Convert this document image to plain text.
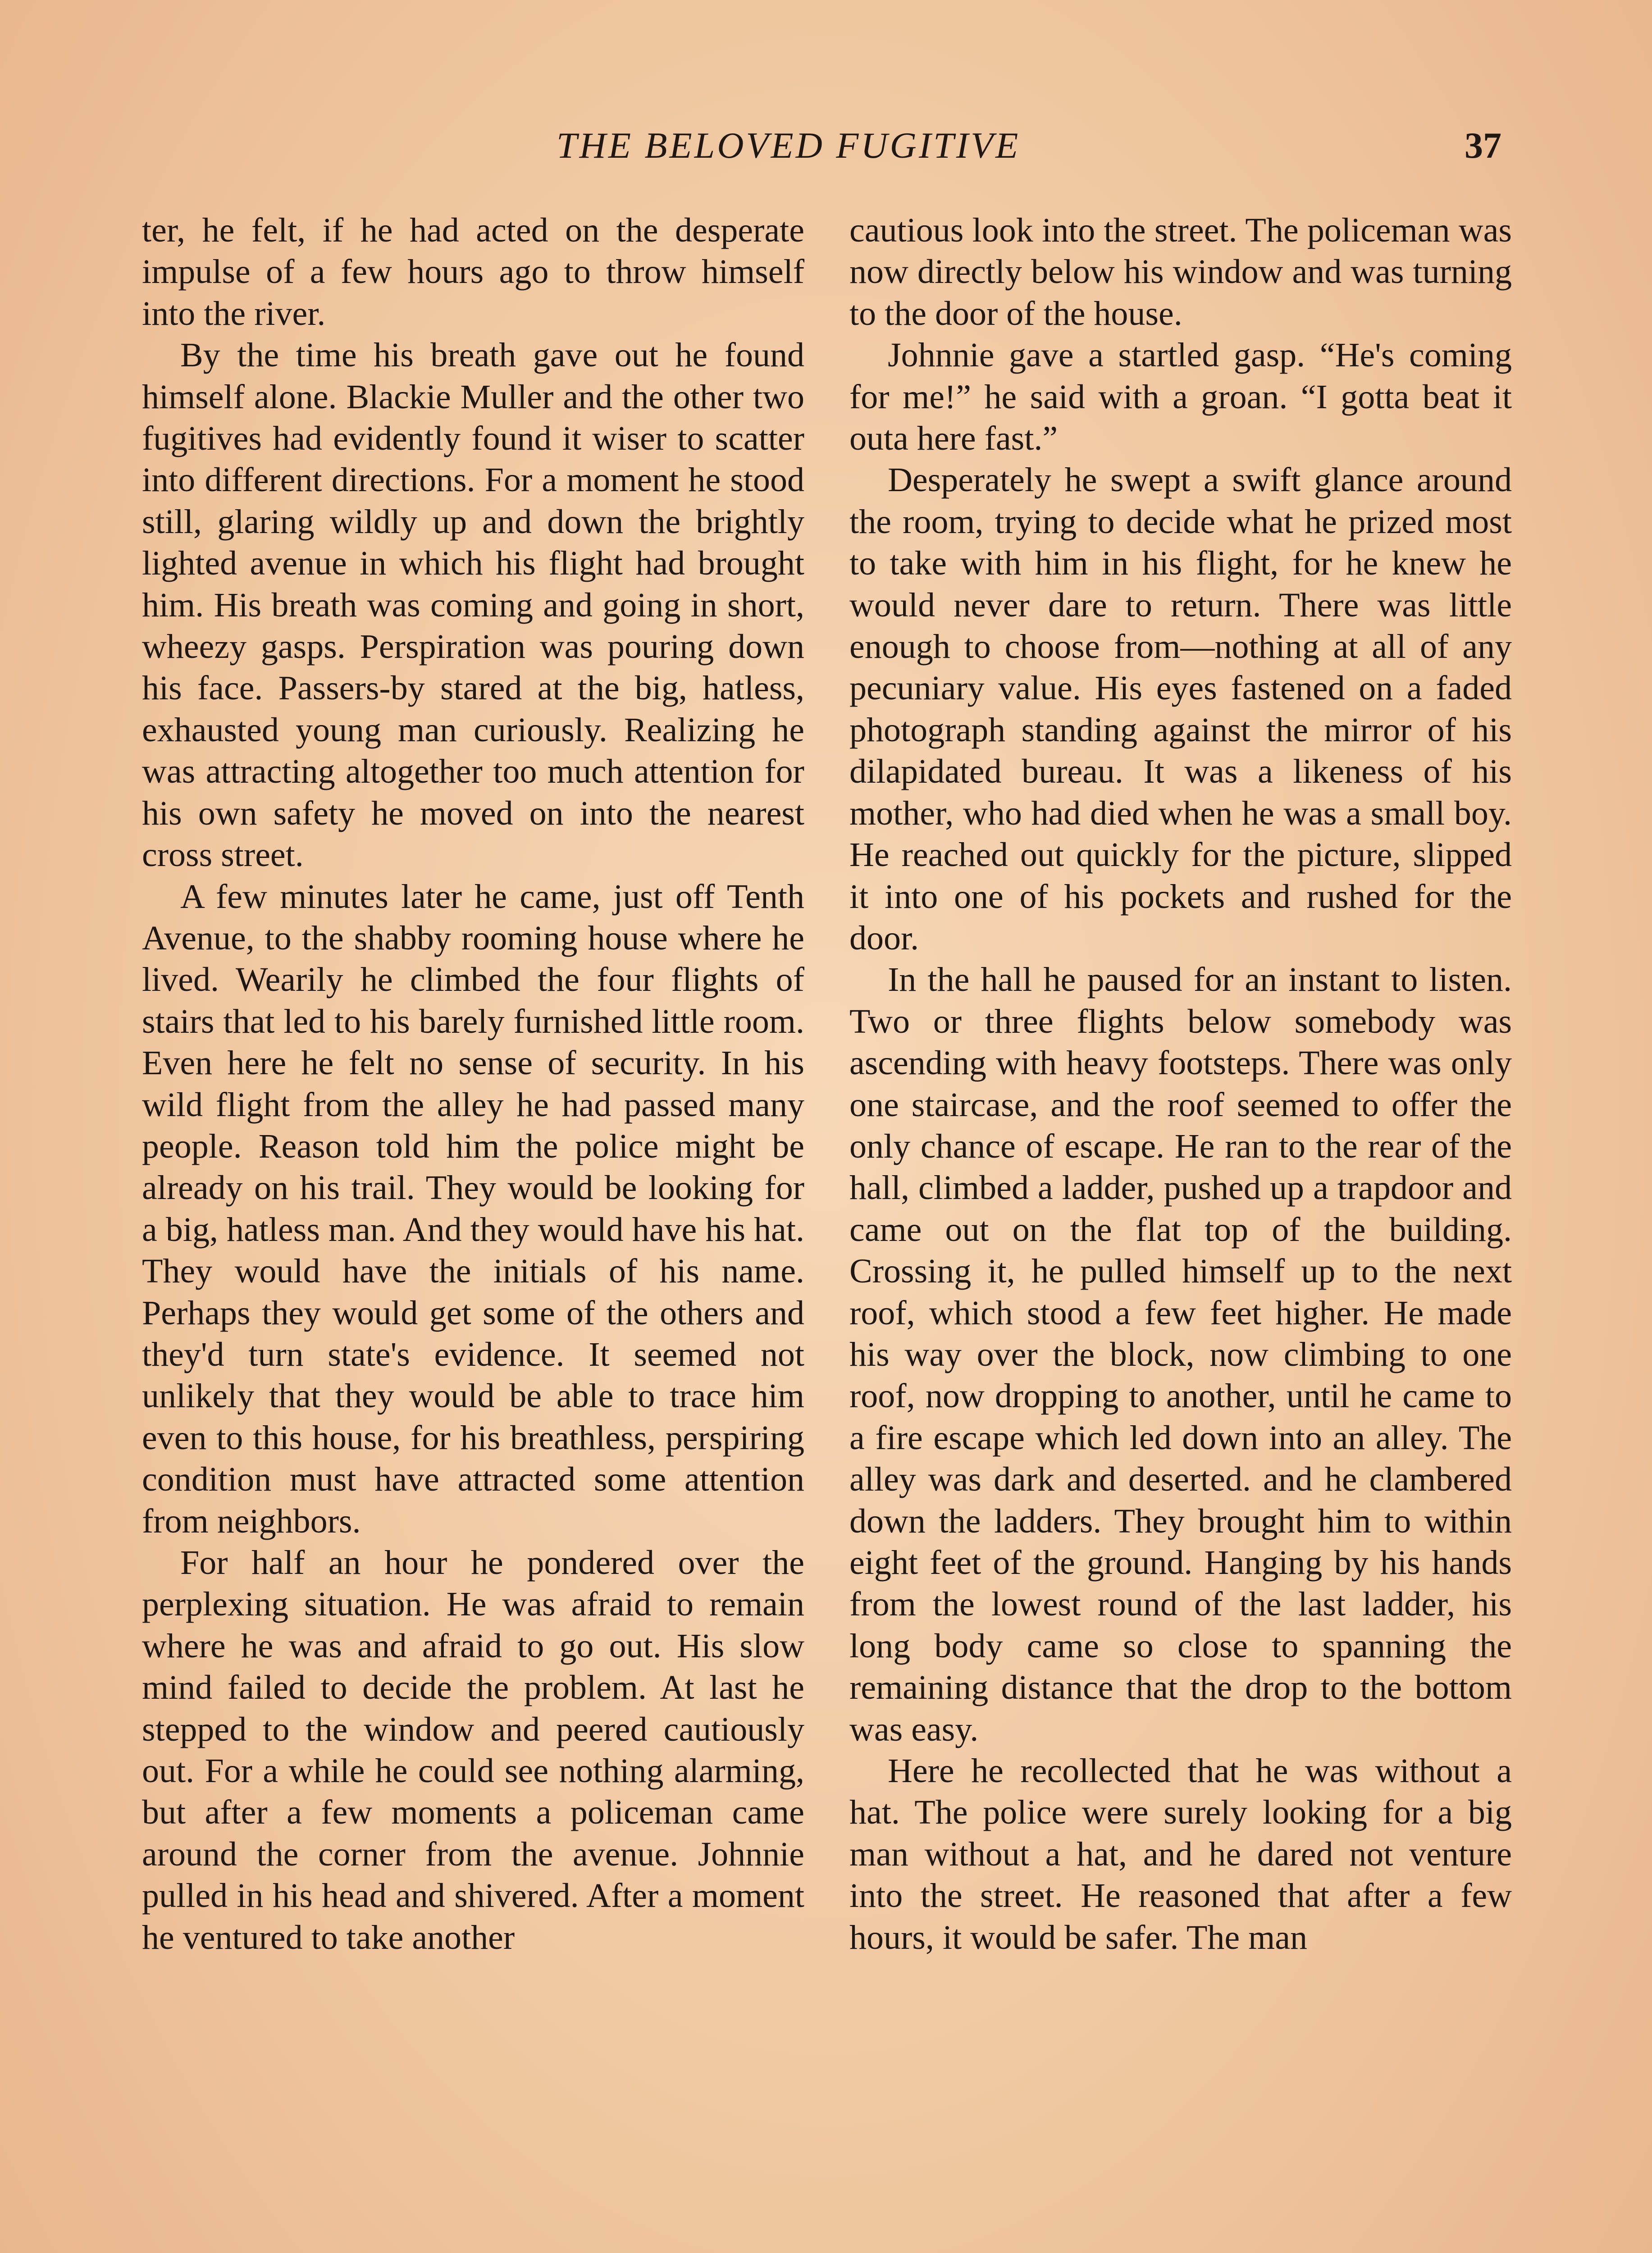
THE BELOVED FUGITIVE	37

ter, he felt, if he had acted on the desperate impulse of a few hours ago to throw himself into the river.

By the time his breath gave out he found himself alone. Blackie Muller and the other two fugitives had evidently found it wiser to scatter into different directions. For a moment he stood still, glaring wildly up and down the brightly lighted avenue in which his flight had brought him. His breath was coming and going in short, wheezy gasps. Perspiration was pouring down his face. Passers-by stared at the big, hatless, exhausted young man curiously. Realizing he was attracting altogether too much attention for his own safety he moved on into the nearest cross street.

A few minutes later he came, just off Tenth Avenue, to the shabby rooming house where he lived. Wearily he climbed the four flights of stairs that led to his barely furnished little room. Even here he felt no sense of security. In his wild flight from the alley he had passed many people. Reason told him the police might be already on his trail. They would be looking for a big, hatless man. And they would have his hat. They would have the initials of his name. Perhaps they would get some of the others and they'd turn state's evidence. It seemed not unlikely that they would be able to trace him even to this house, for his breathless, perspiring condition must have attracted some attention from neighbors.

For half an hour he pondered over the perplexing situation. He was afraid to remain where he was and afraid to go out. His slow mind failed to decide the problem. At last he stepped to the window and peered cautiously out. For a while he could see nothing alarming, but after a few moments a policeman came around the corner from the avenue. Johnnie pulled in his head and shivered. After a moment he ventured to take another

cautious look into the street. The policeman was now directly below his window and was turning to the door of the house.

Johnnie gave a startled gasp. “He's coming for me!” he said with a groan. “I gotta beat it outa here fast.”

Desperately he swept a swift glance around the room, trying to decide what he prized most to take with him in his flight, for he knew he would never dare to return. There was little enough to choose from—nothing at all of any pecuniary value. His eyes fastened on a faded photograph standing against the mirror of his dilapidated bureau. It was a likeness of his mother, who had died when he was a small boy. He reached out quickly for the picture, slipped it into one of his pockets and rushed for the door.

In the hall he paused for an instant to listen. Two or three flights below somebody was ascending with heavy footsteps. There was only one staircase, and the roof seemed to offer the only chance of escape. He ran to the rear of the hall, climbed a ladder, pushed up a trapdoor and came out on the flat top of the building. Crossing it, he pulled himself up to the next roof, which stood a few feet higher. He made his way over the block, now climbing to one roof, now dropping to another, until he came to a fire escape which led down into an alley. The alley was dark and deserted. and he clambered down the ladders. They brought him to within eight feet of the ground. Hanging by his hands from the lowest round of the last ladder, his long body came so close to spanning the remaining distance that the drop to the bottom was easy.

Here he recollected that he was without a hat. The police were surely looking for a big man without a hat, and he dared not venture into the street. He reasoned that after a few hours, it would be safer. The man
